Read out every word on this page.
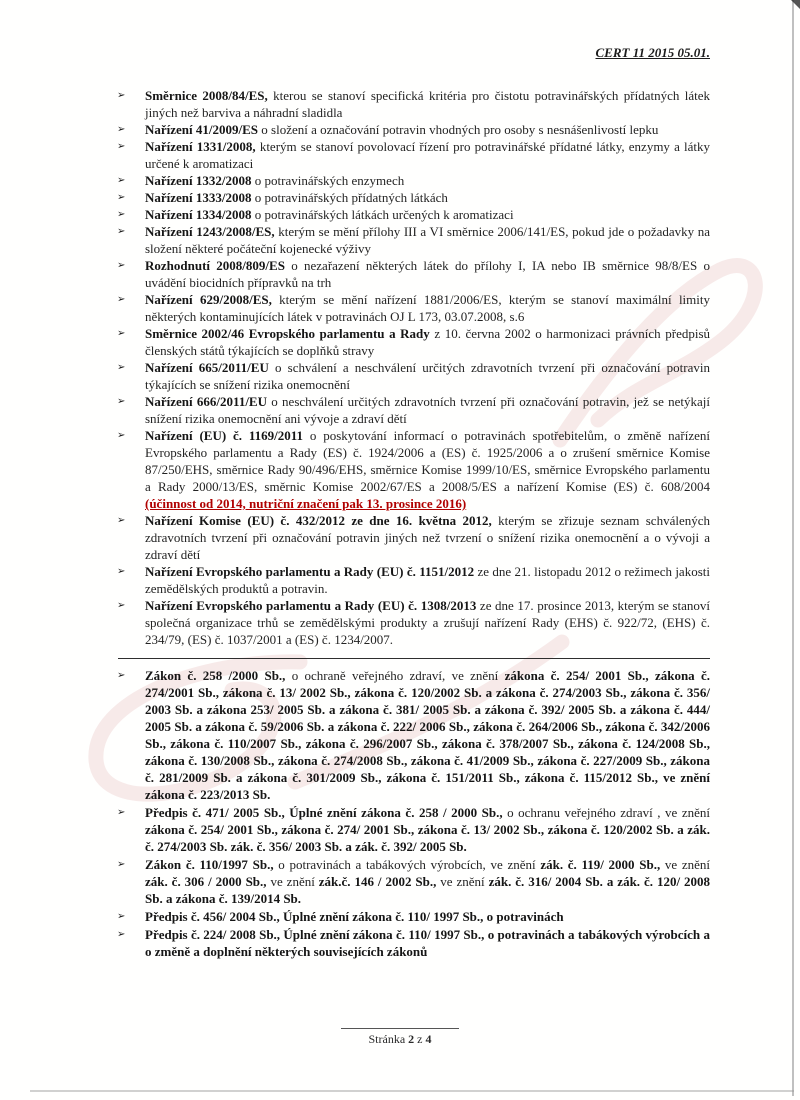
CERT 11 2015 05.01.
➢ Směrnice 2008/84/ES, kterou se stanoví specifická kritéria pro čistotu potravinářských přídatných látek jiných než barviva a náhradní sladidla
➢ Nařízení 41/2009/ES o složení a označování potravin vhodných pro osoby s nesnášenlivostí lepku
➢ Nařízení 1331/2008, kterým se stanoví povolovací řízení pro potravinářské přídatné látky, enzymy a látky určené k aromatizaci
➢ Nařízení 1332/2008 o potravinářských enzymech
➢ Nařízení 1333/2008 o potravinářských přídatných látkách
➢ Nařízení 1334/2008 o potravinářských látkách určených k aromatizaci
➢ Nařízení 1243/2008/ES, kterým se mění přílohy III a VI směrnice 2006/141/ES, pokud jde o požadavky na složení některé počáteční kojenecké výživy
➢ Rozhodnutí 2008/809/ES o nezařazení některých látek do přílohy I, IA nebo IB směrnice 98/8/ES o uvádění biocidních přípravků na trh
➢ Nařízení 629/2008/ES, kterým se mění nařízení 1881/2006/ES, kterým se stanoví maximální limity některých kontaminujících látek v potravinách OJ L 173, 03.07.2008, s.6
➢ Směrnice 2002/46 Evropského parlamentu a Rady z 10. června 2002 o harmonizaci právních předpisů členských států týkajících se doplňků stravy
➢ Nařízení 665/2011/EU o schválení a neschválení určitých zdravotních tvrzení při označování potravin týkajících se snížení rizika onemocnění
➢ Nařízení 666/2011/EU o neschválení určitých zdravotních tvrzení při označování potravin, jež se netýkají snížení rizika onemocnění ani vývoje a zdraví dětí
➢ Nařízení (EU) č. 1169/2011 o poskytování informací o potravinách spotřebitelům, o změně nařízení Evropského parlamentu a Rady (ES) č. 1924/2006 a (ES) č. 1925/2006 a o zrušení směrnice Komise 87/250/EHS, směrnice Rady 90/496/EHS, směrnice Komise 1999/10/ES, směrnice Evropského parlamentu a Rady 2000/13/ES, směrnic Komise 2002/67/ES a 2008/5/ES a nařízení Komise (ES) č. 608/2004 (účinnost od 2014, nutriční značení pak 13. prosince 2016)
➢ Nařízení Komise (EU) č. 432/2012 ze dne 16. května 2012, kterým se zřizuje seznam schválených zdravotních tvrzení při označování potravin jiných než tvrzení o snížení rizika onemocnění a o vývoji a zdraví dětí
➢ Nařízení Evropského parlamentu a Rady (EU) č. 1151/2012 ze dne 21. listopadu 2012 o režimech jakosti zemědělských produktů a potravin.
➢ Nařízení Evropského parlamentu a Rady (EU) č. 1308/2013 ze dne 17. prosince 2013, kterým se stanoví společná organizace trhů se zemědělskými produkty a zrušují nařízení Rady (EHS) č. 922/72, (EHS) č. 234/79, (ES) č. 1037/2001 a (ES) č. 1234/2007.
➢ Zákon č. 258 /2000 Sb., o ochraně veřejného zdraví, ve znění zákona č. 254/ 2001 Sb., zákona č. 274/2001 Sb., zákona č. 13/ 2002 Sb., zákona č. 120/2002 Sb. a zákona č. 274/2003 Sb., zákona č. 356/ 2003 Sb. a zákona 253/ 2005 Sb. a zákona č. 381/ 2005 Sb. a zákona č. 392/ 2005 Sb. a zákona č. 444/ 2005 Sb. a zákona č. 59/2006 Sb. a zákona č. 222/ 2006 Sb., zákona č. 264/2006 Sb., zákona č. 342/2006 Sb., zákona č. 110/2007 Sb., zákona č. 296/2007 Sb., zákona č. 378/2007 Sb., zákona č. 124/2008 Sb., zákona č. 130/2008 Sb., zákona č. 274/2008 Sb., zákona č. 41/2009 Sb., zákona č. 227/2009 Sb., zákona č. 281/2009 Sb. a zákona č. 301/2009 Sb., zákona č. 151/2011 Sb., zákona č. 115/2012 Sb., ve znění zákona č. 223/2013 Sb.
➢ Předpis č. 471/ 2005 Sb., Úplné znění zákona č. 258 / 2000 Sb., o ochranu veřejného zdraví , ve znění zákona č. 254/ 2001 Sb., zákona č. 274/ 2001 Sb., zákona č. 13/ 2002 Sb., zákona č. 120/2002 Sb. a zák. č. 274/2003 Sb. zák. č. 356/ 2003 Sb. a zák. č. 392/ 2005 Sb.
➢ Zákon č. 110/1997 Sb., o potravinách a tabákových výrobcích, ve znění zák. č. 119/ 2000 Sb., ve znění zák. č. 306 / 2000 Sb., ve znění zák.č. 146 / 2002 Sb., ve znění zák. č. 316/ 2004 Sb. a zák. č. 120/ 2008 Sb. a zákona č. 139/2014 Sb.
➢ Předpis č. 456/ 2004 Sb., Úplné znění zákona č. 110/ 1997 Sb., o potravinách
➢ Předpis č. 224/ 2008 Sb., Úplné znění zákona č. 110/ 1997 Sb., o potravinách a tabákových výrobcích a o změně a doplnění některých souvisejících zákonů
Stránka 2 z 4
